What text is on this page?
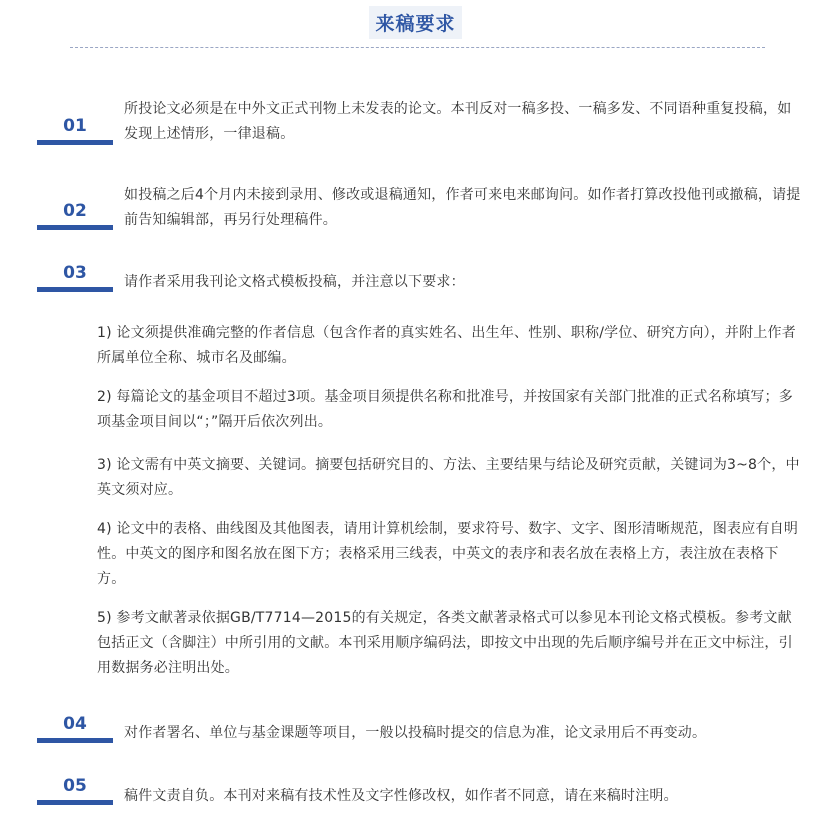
来稿要求
01
所投论文必须是在中外文正式刊物上未发表的论文。本刊反对一稿多投、一稿多发、不同语种重复投稿，如发现上述情形，一律退稿。
02
如投稿之后4个月内未接到录用、修改或退稿通知，作者可来电来邮询问。如作者打算改投他刊或撤稿，请提前告知编辑部，再另行处理稿件。
03	请作者采用我刊论文格式模板投稿，并注意以下要求：
1) 论文须提供准确完整的作者信息（包含作者的真实姓名、出生年、性别、职称/学位、研究方向），并附上作者所属单位全称、城市名及邮编。
2) 每篇论文的基金项目不超过3项。基金项目须提供名称和批准号，并按国家有关部门批准的正式名称填写；多项基金项目间以“；”隔开后依次列出。
3) 论文需有中英文摘要、关键词。摘要包括研究目的、方法、主要结果与结论及研究贡献，关键词为3~8个，中英文须对应。
4) 论文中的表格、曲线图及其他图表，请用计算机绘制，要求符号、数字、文字、图形清晰规范，图表应有自明性。中英文的图序和图名放在图下方；表格采用三线表，中英文的表序和表名放在表格上方，表注放在表格下方。
5) 参考文献著录依据GB/T7714—2015的有关规定，各类文献著录格式可以参见本刊论文格式模板。参考文献包括正文（含脚注）中所引用的文献。本刊采用顺序编码法，即按文中出现的先后顺序编号并在正文中标注，引用数据务必注明出处。
04	对作者署名、单位与基金课题等项目，一般以投稿时提交的信息为准，论文录用后不再变动。
05	稿件文责自负。本刊对来稿有技术性及文字性修改权，如作者不同意，请在来稿时注明。
